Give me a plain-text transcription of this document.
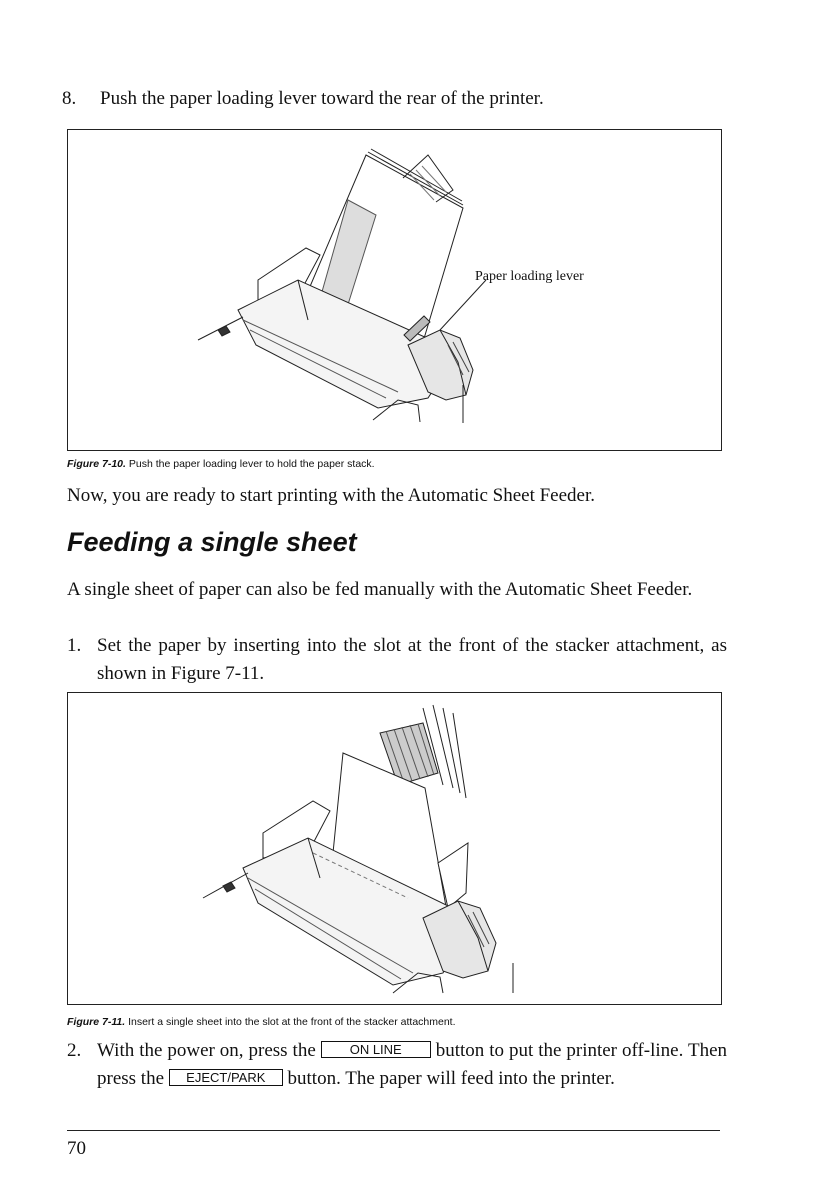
8. Push the paper loading lever toward the rear of the printer.
Paper loading lever
Figure 7-10. Push the paper loading lever to hold the paper stack.
Now, you are ready to start printing with the Automatic Sheet Feeder.
Feeding a single sheet
A single sheet of paper can also be fed manually with the Automatic Sheet Feeder.
1. Set the paper by inserting into the slot at the front of the stacker attachment, as shown in Figure 7-11.
Figure 7-11. Insert a single sheet into the slot at the front of the stacker attachment.
2. With the power on, press the	ON LINE button to put the printer off-line. Then press the EJECT/PARK button. The paper will feed into the printer.
70
